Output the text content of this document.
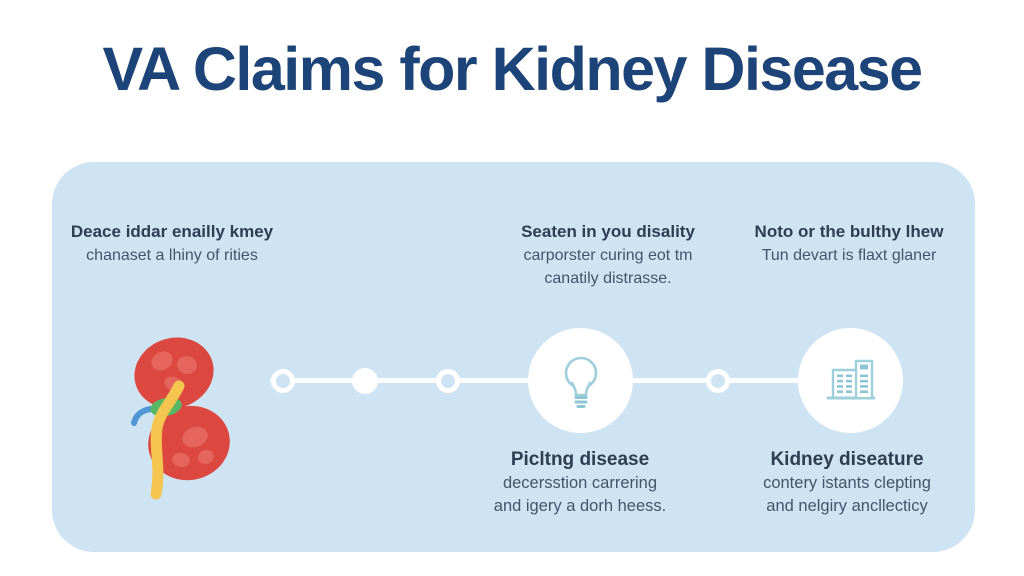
VA Claims for Kidney Disease
Deace iddar enailly kmey
chanaset a lhiny of rities
Seaten in you disality
carporster curing eot tm
canatily distrasse.
Noto or the bulthy lhew
Tun devart is flaxt glaner
Picltng disease
decersstion carrering
and igery a dorh heess.
Kidney diseature
contery istants clepting
and nelgiry ancllecticy
